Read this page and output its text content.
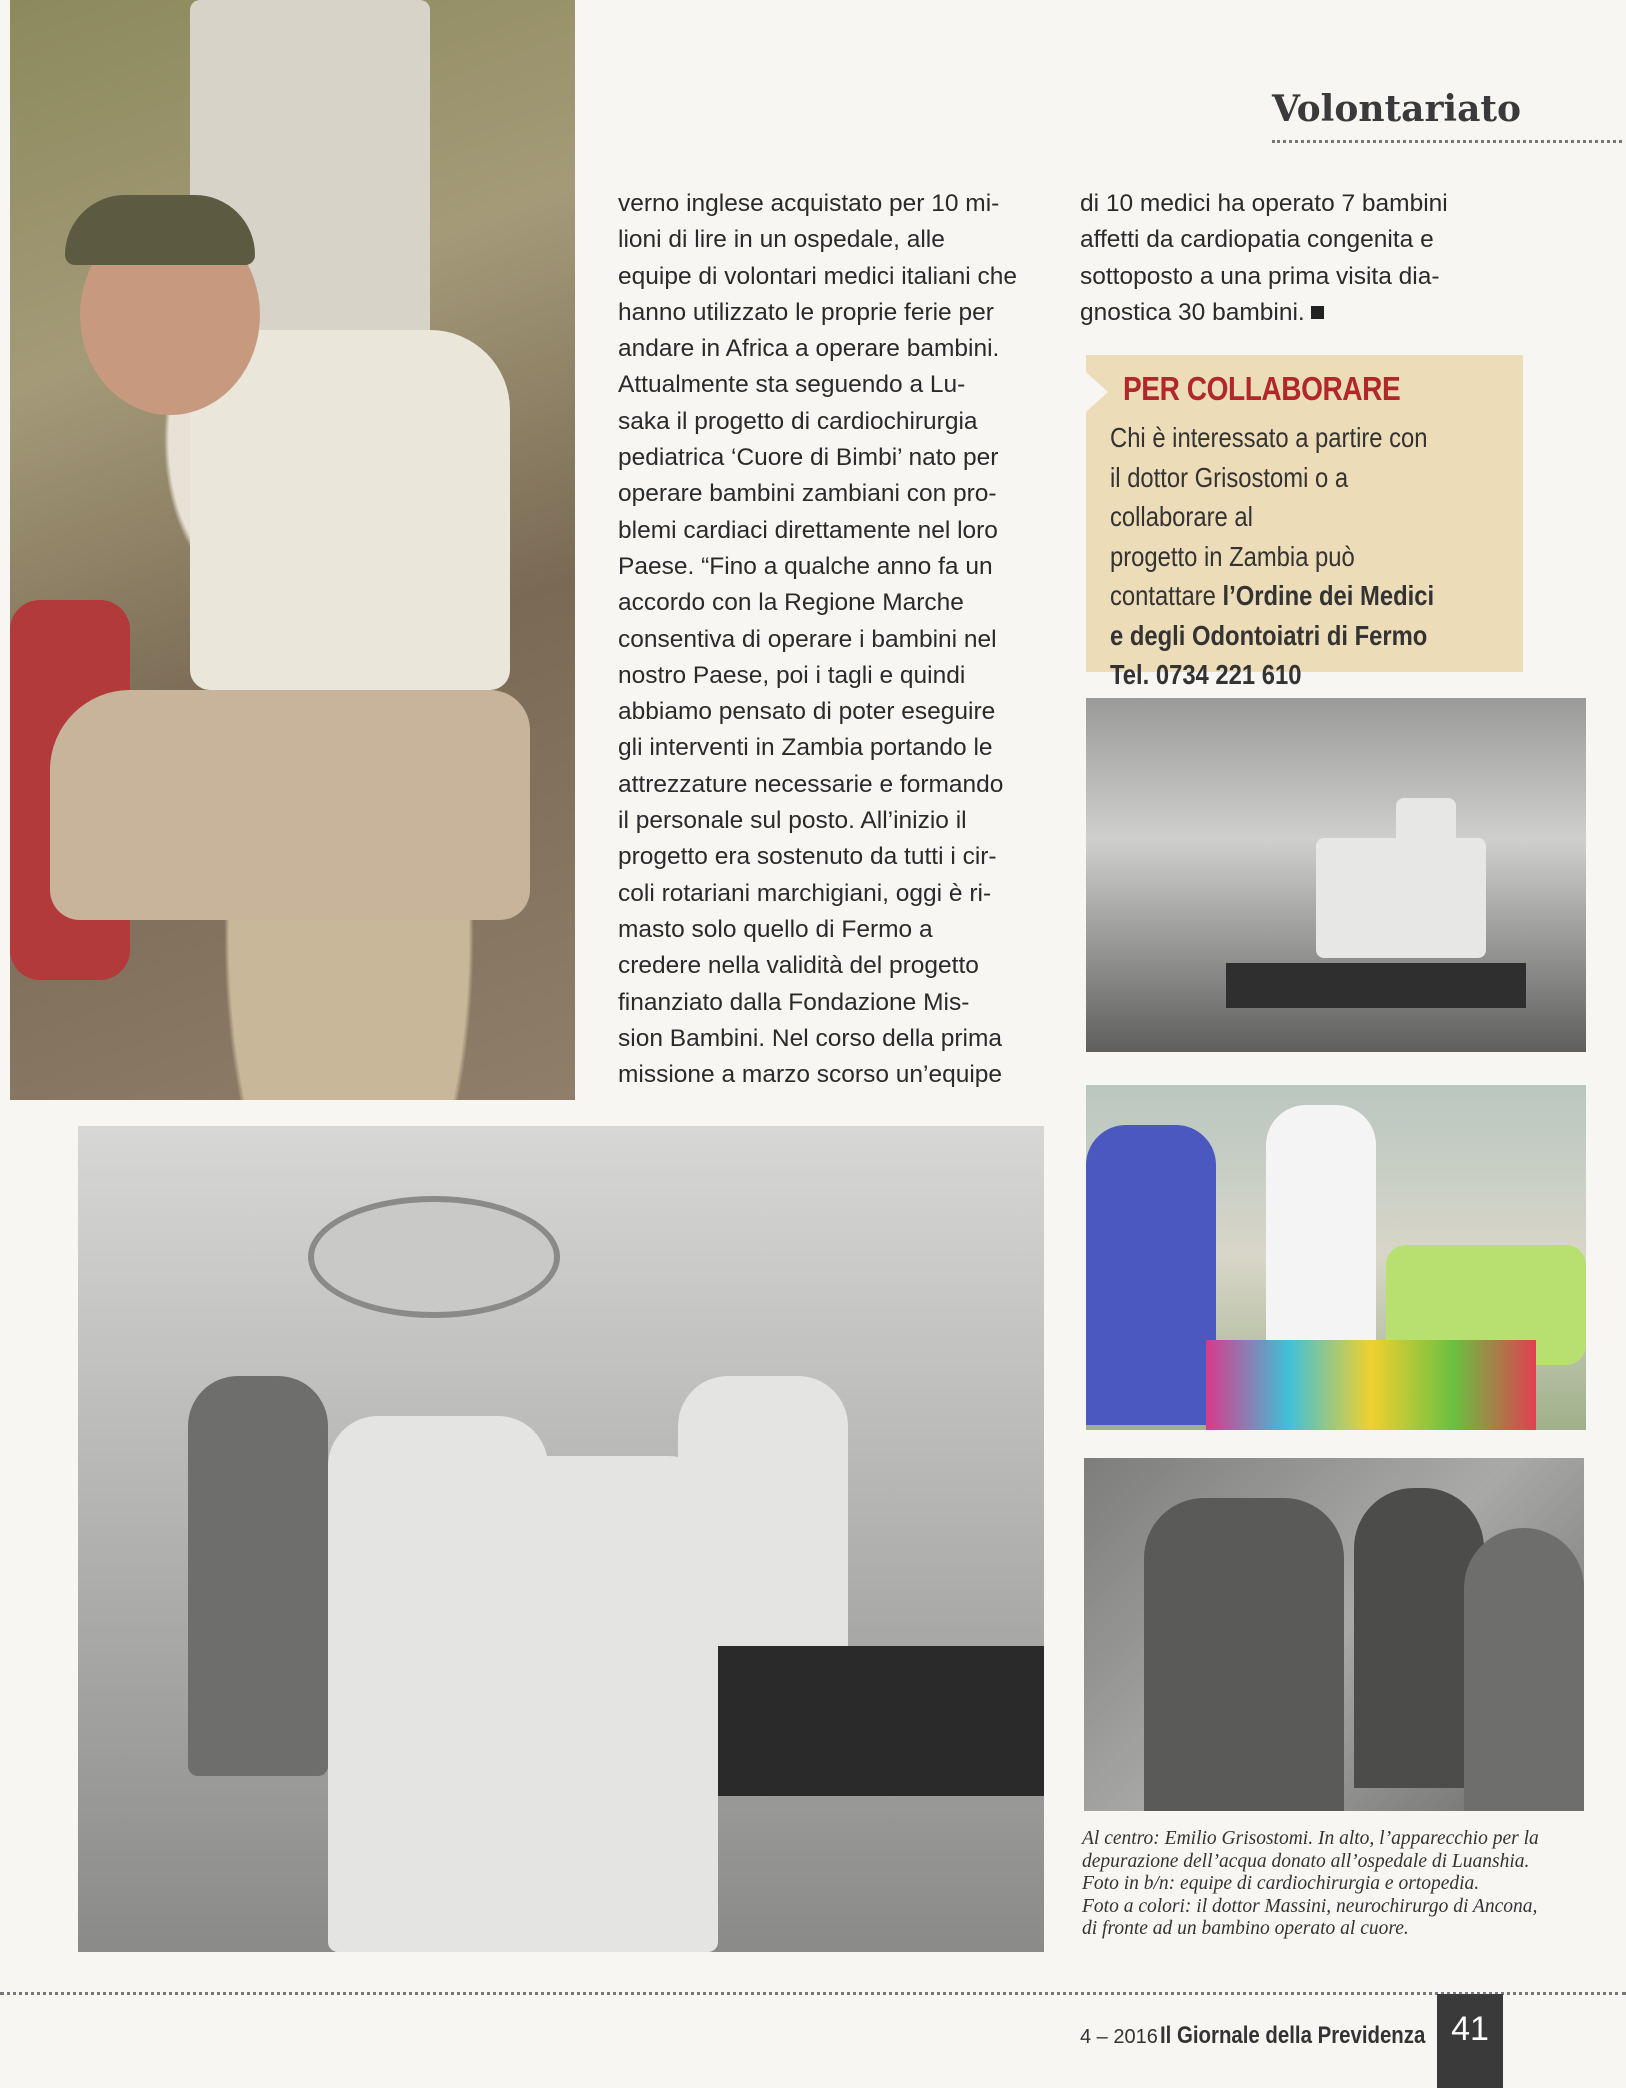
Volontariato
verno inglese acquistato per 10 mi-
lioni di lire in un ospedale, alle
equipe di volontari medici italiani che
hanno utilizzato le proprie ferie per
andare in Africa a operare bambini.
Attualmente sta seguendo a Lu-
saka il progetto di cardiochirurgia
pediatrica ‘Cuore di Bimbi’ nato per
operare bambini zambiani con pro-
blemi cardiaci direttamente nel loro
Paese. “Fino a qualche anno fa un
accordo con la Regione Marche
consentiva di operare i bambini nel
nostro Paese, poi i tagli e quindi
abbiamo pensato di poter eseguire
gli interventi in Zambia portando le
attrezzature necessarie e formando
il personale sul posto. All’inizio il
progetto era sostenuto da tutti i cir-
coli rotariani marchigiani, oggi è ri-
masto solo quello di Fermo a
credere nella validità del progetto
finanziato dalla Fondazione Mis-
sion Bambini. Nel corso della prima
missione a marzo scorso un’equipe
di 10 medici ha operato 7 bambini
affetti da cardiopatia congenita e
sottoposto a una prima visita dia-
gnostica 30 bambini.
PER COLLABORARE
Chi è interessato a partire con
il dottor Grisostomi o a collaborare al
progetto in Zambia può
contattare l’Ordine dei Medici
e degli Odontoiatri di Fermo
Tel. 0734 221 610
Al centro: Emilio Grisostomi. In alto, l’apparecchio per la
depurazione dell’acqua donato all’ospedale di Luanshia.
Foto in b/n: equipe di cardiochirurgia e ortopedia.
Foto a colori: il dottor Massini, neurochirurgo di Ancona,
di fronte ad un bambino operato al cuore.
4 – 2016 Il Giornale della Previdenza 41
